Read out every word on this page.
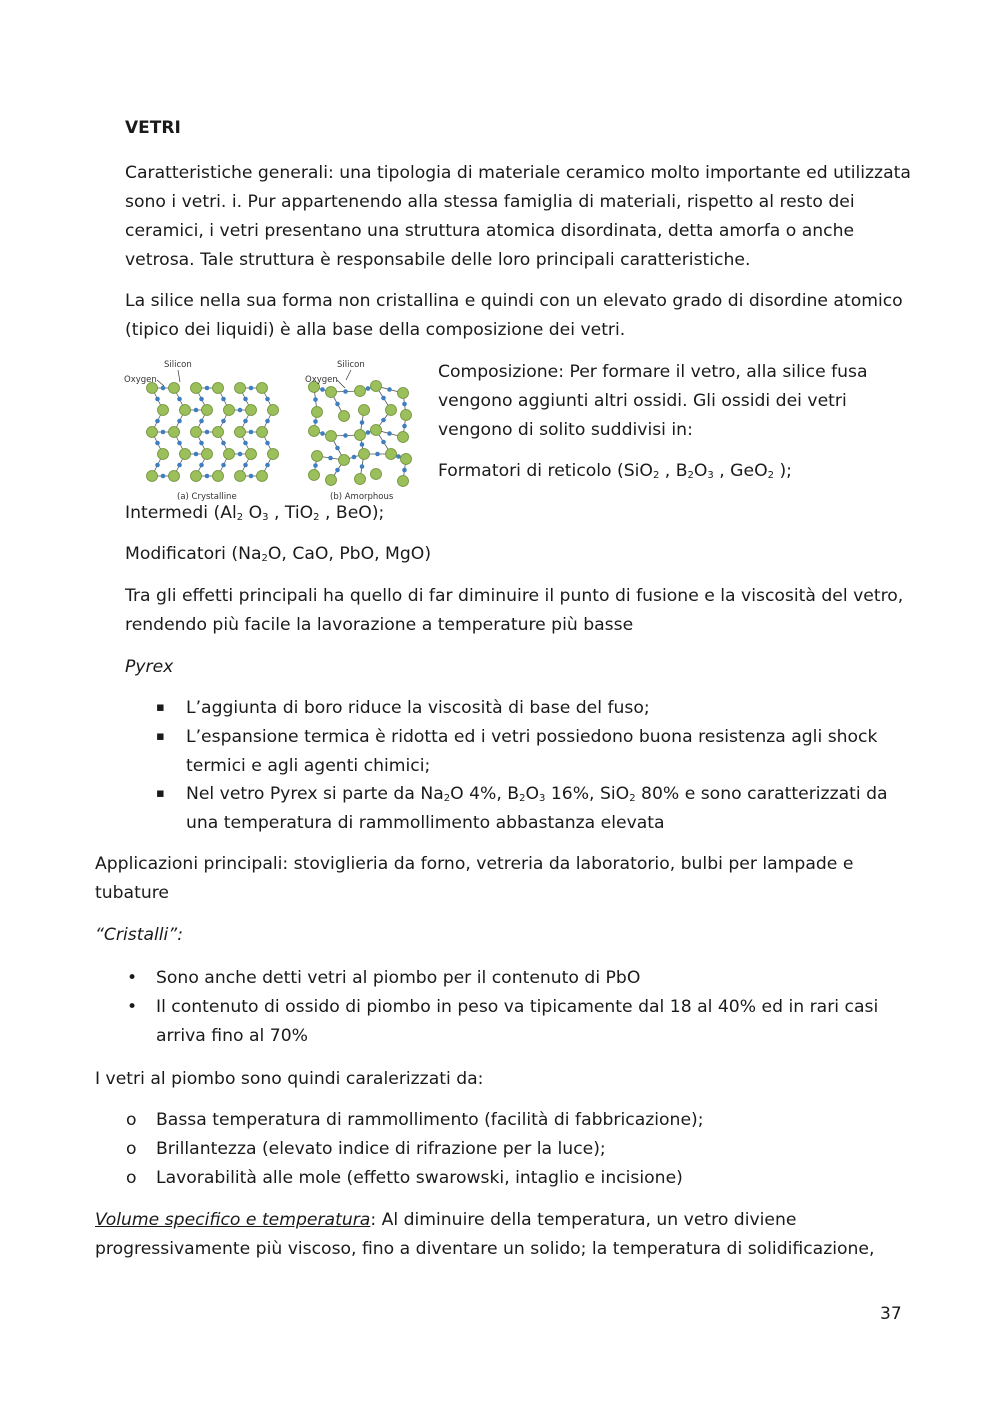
VETRI

Caratteristiche generali: una tipologia di materiale ceramico molto importante ed utilizzata sono i vetri. i. Pur appartenendo alla stessa famiglia di materiali, rispetto al resto dei ceramici, i vetri presentano una struttura atomica disordinata, detta amorfa o anche vetrosa. Tale struttura è responsabile delle loro principali caratteristiche.

La silice nella sua forma non cristallina e quindi con un elevato grado di disordine atomico (tipico dei liquidi) è alla base della composizione dei vetri.

Silicon
Oxygen
Silicon
Oxygen
(a) Crystalline	(b) Amorphous

Composizione: Per formare il vetro, alla silice fusa vengono aggiunti altri ossidi. Gli ossidi dei vetri vengono di solito suddivisi in:

Formatori di reticolo (SiO$_2$ , $B_2O_3$ , GeO$_2$ );

Intermedi ($Al_2$ $O_3$ , TiO$_2$ , BeO);

Modificatori ($Na_2O$, CaO, PbO, MgO)

Tra gli effetti principali ha quello di far diminuire il punto di fusione e la viscosità del vetro, rendendo più facile la lavorazione a temperature più basse

Pyrex

▪ L’aggiunta di boro riduce la viscosità di base del fuso;

▪ L’espansione termica è ridotta ed i vetri possiedono buona resistenza agli shock termici e agli agenti chimici;

▪ Nel vetro Pyrex si parte da $Na_2O$ 4%, $B_2O_3$ 16%, SiO$_2$ 80% e sono caratterizzati da una temperatura di rammollimento abbastanza elevata

Applicazioni principali: stoviglieria da forno, vetreria da laboratorio, bulbi per lampade e tubature

“Cristalli”:

• Sono anche detti vetri al piombo per il contenuto di PbO

• Il contenuto di ossido di piombo in peso va tipicamente dal 18 al 40% ed in rari casi arriva fino al 70%

I vetri al piombo sono quindi caralerizzati da:

o Bassa temperatura di rammollimento (facilità di fabbricazione);

o Brillantezza (elevato indice di rifrazione per la luce);

o Lavorabilità alle mole (effetto swarowski, intaglio e incisione)

Volume specifico e temperatura: Al diminuire della temperatura, un vetro diviene progressivamente più viscoso, fino a diventare un solido; la temperatura di solidificazione,

37
